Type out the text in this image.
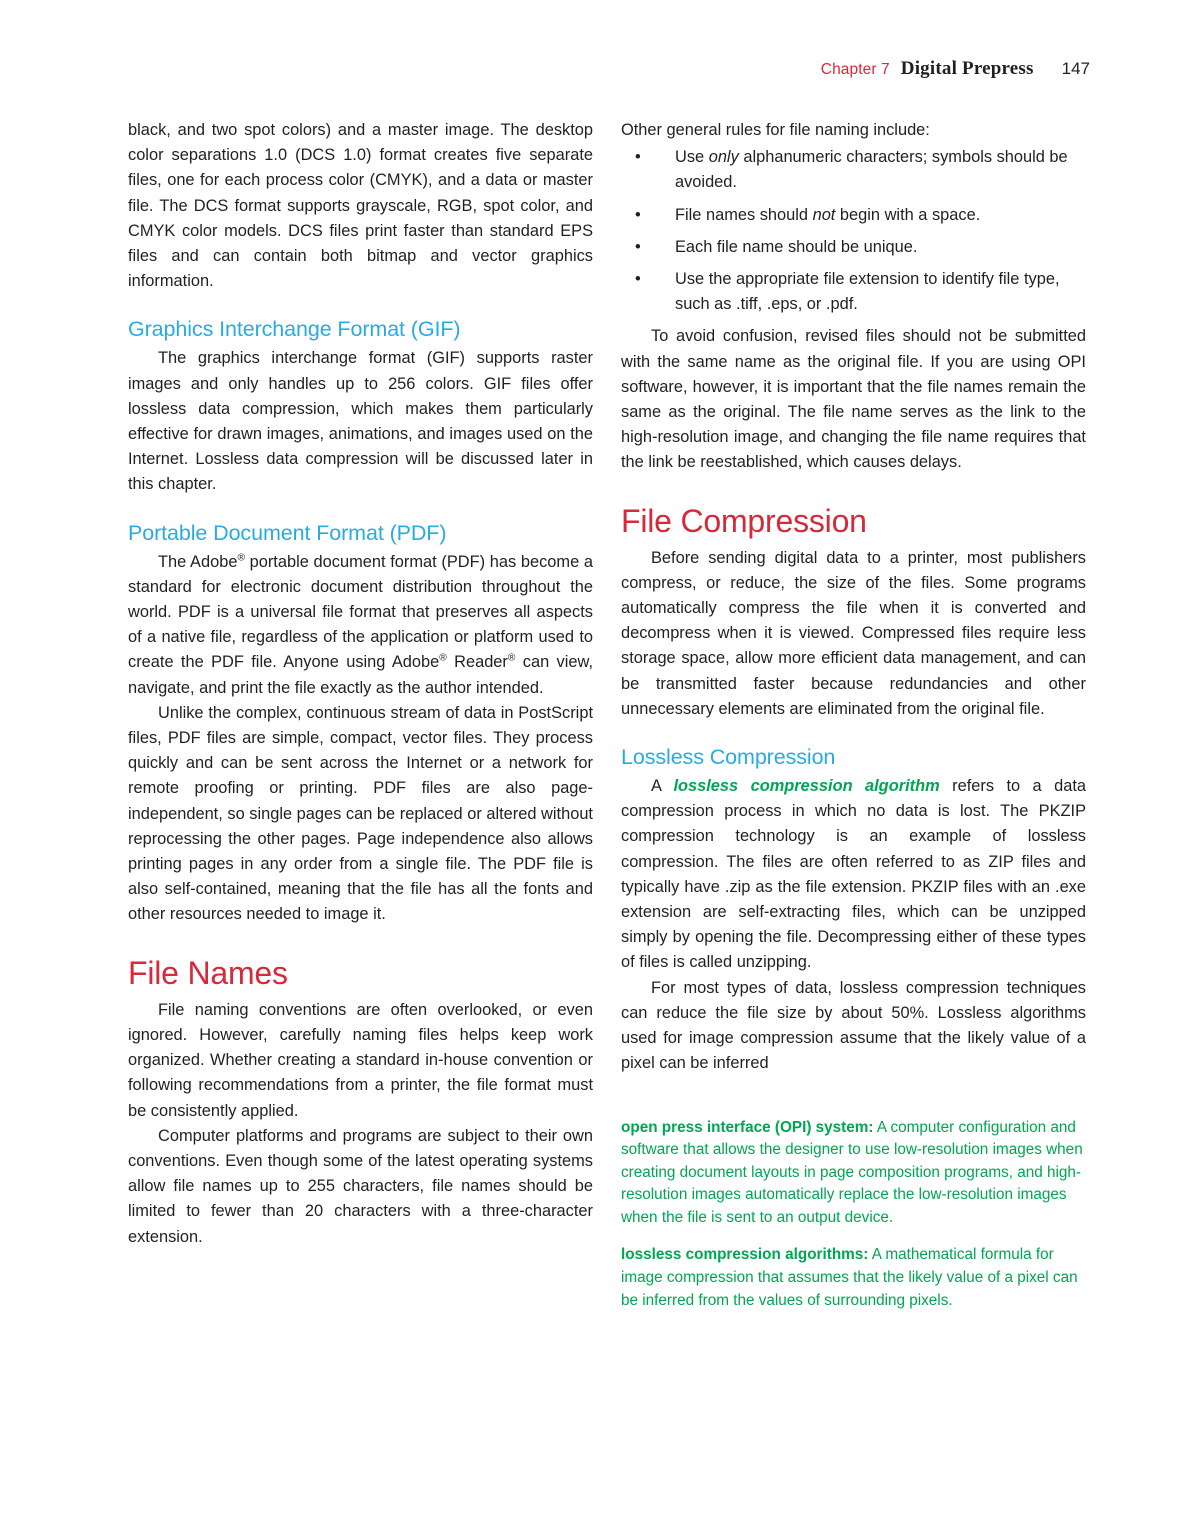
Chapter 7 Digital Prepress 147

black, and two spot colors) and a master image. The desktop color separations 1.0 (DCS 1.0) format creates five separate files, one for each process color (CMYK), and a data or master file. The DCS format supports grayscale, RGB, spot color, and CMYK color models. DCS files print faster than standard EPS files and can contain both bitmap and vector graphics information.

Graphics Interchange Format (GIF)

The graphics interchange format (GIF) supports raster images and only handles up to 256 colors. GIF files offer lossless data compression, which makes them particularly effective for drawn images, animations, and images used on the Internet. Lossless data compression will be discussed later in this chapter.

Portable Document Format (PDF)

The Adobe® portable document format (PDF) has become a standard for electronic document distribution throughout the world. PDF is a universal file format that preserves all aspects of a native file, regardless of the application or platform used to create the PDF file. Anyone using Adobe® Reader® can view, navigate, and print the file exactly as the author intended.

Unlike the complex, continuous stream of data in PostScript files, PDF files are simple, compact, vector files. They process quickly and can be sent across the Internet or a network for remote proofing or printing. PDF files are also page-independent, so single pages can be replaced or altered without reprocessing the other pages. Page independence also allows printing pages in any order from a single file. The PDF file is also self-contained, meaning that the file has all the fonts and other resources needed to image it.

File Names

File naming conventions are often overlooked, or even ignored. However, carefully naming files helps keep work organized. Whether creating a standard in-house convention or following recommendations from a printer, the file format must be consistently applied.

Computer platforms and programs are subject to their own conventions. Even though some of the latest operating systems allow file names up to 255 characters, file names should be limited to fewer than 20 characters with a three-character extension.

Other general rules for file naming include:

• Use only alphanumeric characters; symbols should be avoided.
• File names should not begin with a space.
• Each file name should be unique.
• Use the appropriate file extension to identify file type, such as .tiff, .eps, or .pdf.

To avoid confusion, revised files should not be submitted with the same name as the original file. If you are using OPI software, however, it is important that the file names remain the same as the original. The file name serves as the link to the high-resolution image, and changing the file name requires that the link be reestablished, which causes delays.

File Compression

Before sending digital data to a printer, most publishers compress, or reduce, the size of the files. Some programs automatically compress the file when it is converted and decompress when it is viewed. Compressed files require less storage space, allow more efficient data management, and can be transmitted faster because redundancies and other unnecessary elements are eliminated from the original file.

Lossless Compression

A lossless compression algorithm refers to a data compression process in which no data is lost. The PKZIP compression technology is an example of lossless compression. The files are often referred to as ZIP files and typically have .zip as the file extension. PKZIP files with an .exe extension are self-extracting files, which can be unzipped simply by opening the file. Decompressing either of these types of files is called unzipping.

For most types of data, lossless compression techniques can reduce the file size by about 50%. Lossless algorithms used for image compression assume that the likely value of a pixel can be inferred

open press interface (OPI) system: A computer configuration and software that allows the designer to use low-resolution images when creating document layouts in page composition programs, and high-resolution images automatically replace the low-resolution images when the file is sent to an output device.
lossless compression algorithms: A mathematical formula for image compression that assumes that the likely value of a pixel can be inferred from the values of surrounding pixels.
